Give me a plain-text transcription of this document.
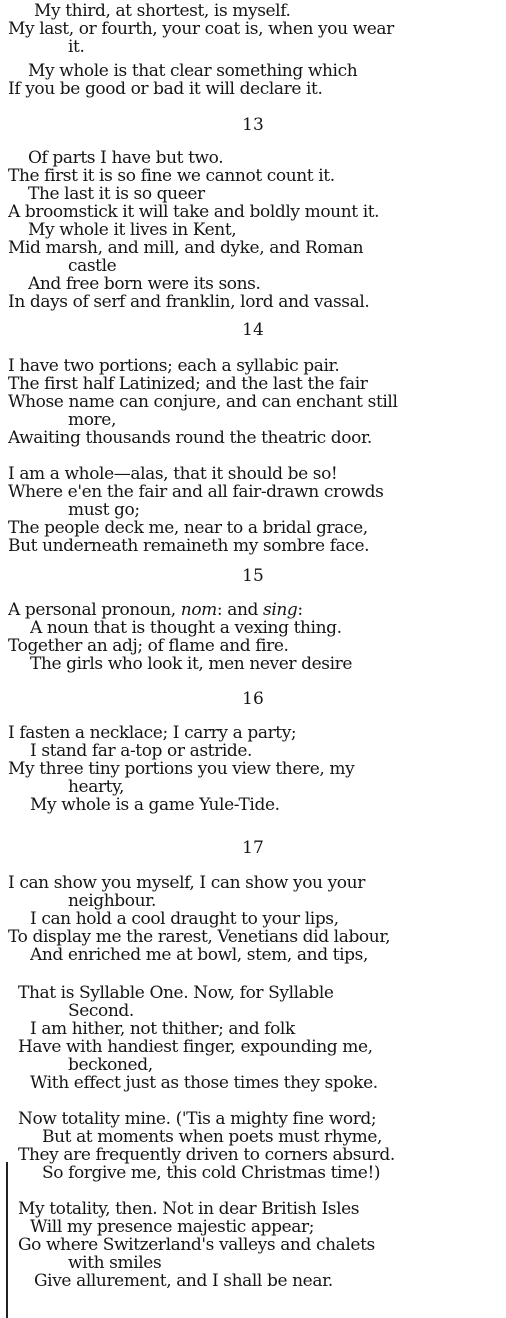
My third, at shortest, is myself.
My last, or fourth, your coat is, when you wear
it.
My whole is that clear something which
If you be good or bad it will declare it.
13
Of parts I have but two.
The first it is so fine we cannot count it.
The last it is so queer
A broomstick it will take and boldly mount it.
My whole it lives in Kent,
Mid marsh, and mill, and dyke, and Roman
castle
And free born were its sons.
In days of serf and franklin, lord and vassal.
14
I have two portions; each a syllabic pair.
The first half Latinized; and the last the fair
Whose name can conjure, and can enchant still
more,
Awaiting thousands round the theatric door.
I am a whole—alas, that it should be so!
Where e'en the fair and all fair-drawn crowds
must go;
The people deck me, near to a bridal grace,
But underneath remaineth my sombre face.
15
A personal pronoun, nom: and sing:
A noun that is thought a vexing thing.
Together an adj; of flame and fire.
The girls who look it, men never desire
16
I fasten a necklace; I carry a party;
I stand far a-top or astride.
My three tiny portions you view there, my
hearty,
My whole is a game Yule-Tide.
17
I can show you myself, I can show you your
neighbour.
I can hold a cool draught to your lips,
To display me the rarest, Venetians did labour,
And enriched me at bowl, stem, and tips,
That is Syllable One. Now, for Syllable
Second.
I am hither, not thither; and folk
Have with handiest finger, expounding me,
beckoned,
With effect just as those times they spoke.
Now totality mine. ('Tis a mighty fine word;
But at moments when poets must rhyme,
They are frequently driven to corners absurd.
So forgive me, this cold Christmas time!)
My totality, then. Not in dear British Isles
Will my presence majestic appear;
Go where Switzerland's valleys and chalets
with smiles
Give allurement, and I shall be near.
